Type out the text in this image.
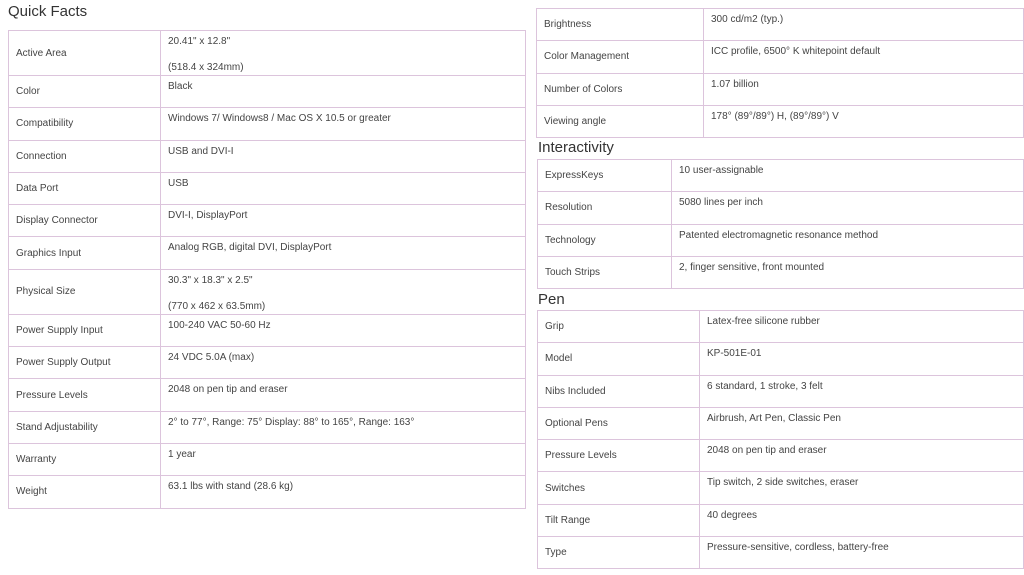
Quick Facts
Active Area	20.41" x 12.8"
(518.4 x 324mm)

Color	Black

Compatibility	Windows 7/ Windows8 / Mac OS X 10.5 or greater

Connection	USB and DVI-I

Data Port	USB

Display Connector	DVI-I, DisplayPort

Graphics Input	Analog RGB, digital DVI, DisplayPort

Physical Size	30.3" x 18.3" x 2.5"
(770 x 462 x 63.5mm)

Power Supply Input	100-240 VAC 50-60 Hz

Power Supply Output	24 VDC 5.0A (max)

Pressure Levels	2048 on pen tip and eraser

Stand Adjustability	2° to 77°, Range: 75° Display: 88° to 165°, Range: 163°

Warranty	1 year

Weight	63.1 lbs with stand (28.6 kg)
Brightness	300 cd/m2 (typ.)

Color Management	ICC profile, 6500° K whitepoint default

Number of Colors	1.07 billion

Viewing angle	178° (89°/89°) H, (89°/89°) V
Interactivity
ExpressKeys	10 user-assignable

Resolution	5080 lines per inch

Technology	Patented electromagnetic resonance method

Touch Strips	2, finger sensitive, front mounted
Pen
Grip	Latex-free silicone rubber

Model	KP-501E-01

Nibs Included	6 standard, 1 stroke, 3 felt

Optional Pens	Airbrush, Art Pen, Classic Pen

Pressure Levels	2048 on pen tip and eraser

Switches	Tip switch, 2 side switches, eraser

Tilt Range	40 degrees

Type	Pressure-sensitive, cordless, battery-free
